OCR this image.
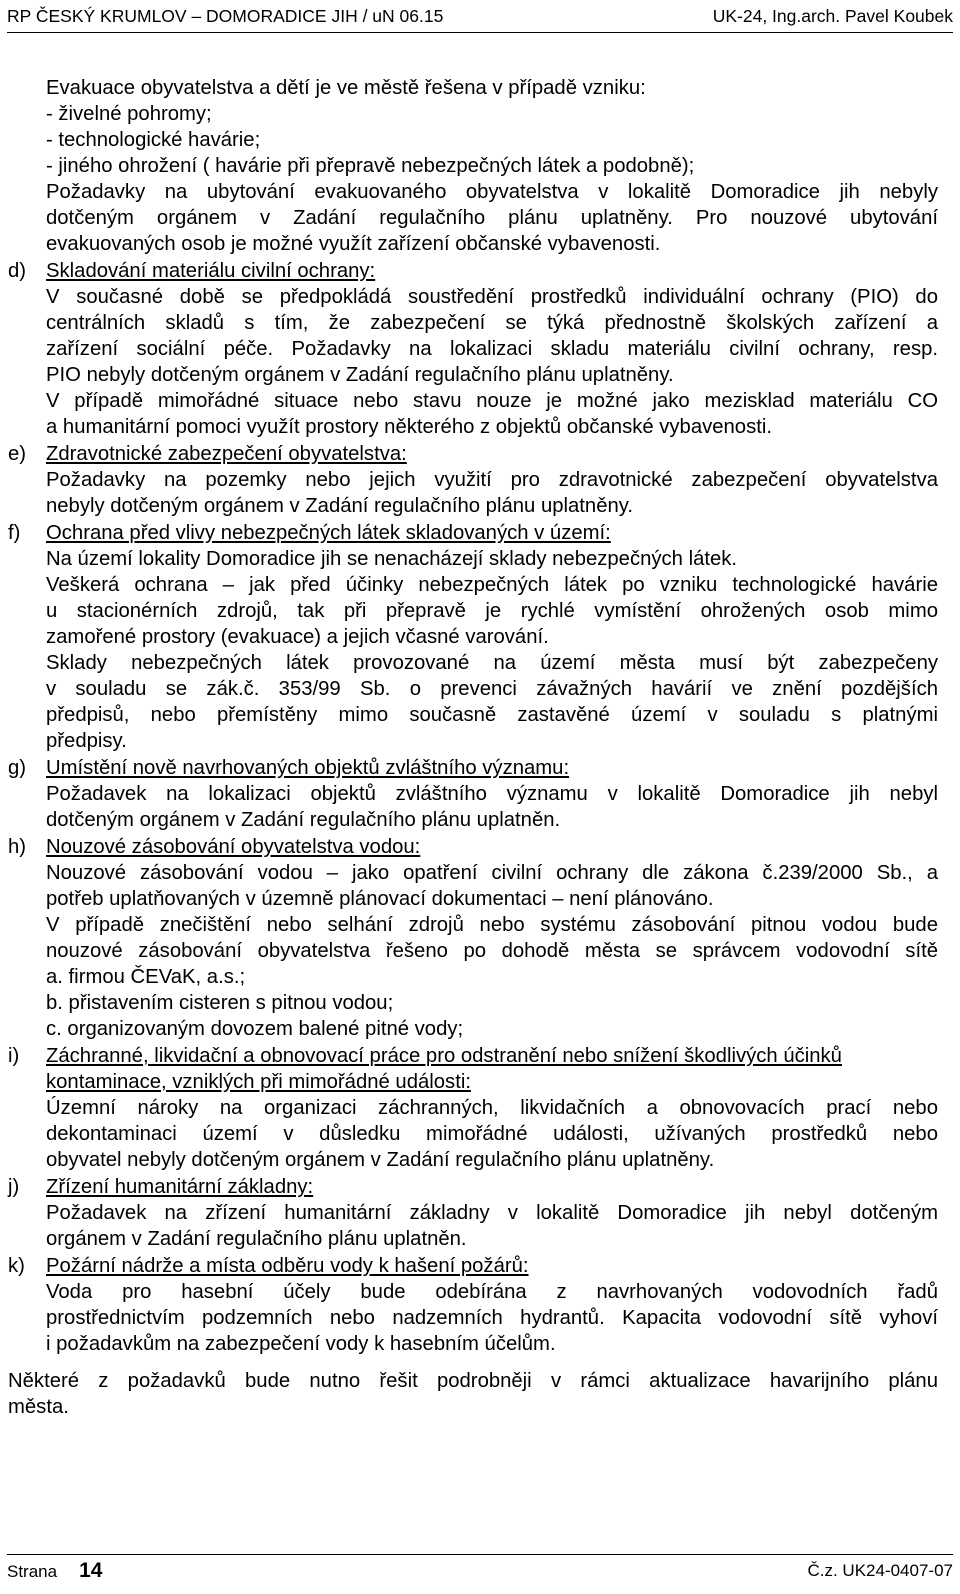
RP ČESKÝ KRUMLOV – DOMORADICE JIH / uN 06.15	UK-24, Ing.arch. Pavel Koubek
Evakuace obyvatelstva a dětí je ve městě řešena v případě vzniku:
- živelné pohromy;
- technologické havárie;
- jiného ohrožení ( havárie při přepravě nebezpečných látek a podobně);
Požadavky na ubytování evakuovaného obyvatelstva v lokalitě Domoradice jih nebyly
dotčeným orgánem v Zadání regulačního plánu uplatněny. Pro nouzové ubytování
evakuovaných osob je možné využít zařízení občanské vybavenosti.
d) Skladování materiálu civilní ochrany:
V současné době se předpokládá soustředění prostředků individuální ochrany (PIO) do
centrálních skladů s tím, že zabezpečení se týká přednostně školských zařízení a
zařízení sociální péče. Požadavky na lokalizaci skladu materiálu civilní ochrany, resp.
PIO nebyly dotčeným orgánem v Zadání regulačního plánu uplatněny.
V případě mimořádné situace nebo stavu nouze je možné jako mezisklad materiálu CO
a humanitární pomoci využít prostory některého z objektů občanské vybavenosti.
e) Zdravotnické zabezpečení obyvatelstva:
Požadavky na pozemky nebo jejich využití pro zdravotnické zabezpečení obyvatelstva
nebyly dotčeným orgánem v Zadání regulačního plánu uplatněny.
f) Ochrana před vlivy nebezpečných látek skladovaných v území:
Na území lokality Domoradice jih se nenacházejí sklady nebezpečných látek.
Veškerá ochrana – jak před účinky nebezpečných látek po vzniku technologické havárie
u stacionérních zdrojů, tak při přepravě je rychlé vymístění ohrožených osob mimo
zamořené prostory (evakuace) a jejich včasné varování.
Sklady nebezpečných látek provozované na území města musí být zabezpečeny
v souladu se zák.č. 353/99 Sb. o prevenci závažných havárií ve znění pozdějších
předpisů, nebo přemístěny mimo současně zastavěné území v souladu s platnými
předpisy.
g) Umístění nově navrhovaných objektů zvláštního významu:
Požadavek na lokalizaci objektů zvláštního významu v lokalitě Domoradice jih nebyl
dotčeným orgánem v Zadání regulačního plánu uplatněn.
h) Nouzové zásobování obyvatelstva vodou:
Nouzové zásobování vodou – jako opatření civilní ochrany dle zákona č.239/2000 Sb., a
potřeb uplatňovaných v územně plánovací dokumentaci – není plánováno.
V případě znečištění nebo selhání zdrojů nebo systému zásobování pitnou vodou bude
nouzové zásobování obyvatelstva řešeno po dohodě města se správcem vodovodní sítě
a. firmou ČEVaK, a.s.;
b. přistavením cisteren s pitnou vodou;
c. organizovaným dovozem balené pitné vody;
i) Záchranné, likvidační a obnovovací práce pro odstranění nebo snížení škodlivých účinků
kontaminace, vzniklých při mimořádné události:
Územní nároky na organizaci záchranných, likvidačních a obnovovacích prací nebo
dekontaminaci území v důsledku mimořádné události, užívaných prostředků nebo
obyvatel nebyly dotčeným orgánem v Zadání regulačního plánu uplatněny.
j) Zřízení humanitární základny:
Požadavek na zřízení humanitární základny v lokalitě Domoradice jih nebyl dotčeným
orgánem v Zadání regulačního plánu uplatněn.
k) Požární nádrže a místa odběru vody k hašení požárů:
Voda pro hasební účely bude odebírána z navrhovaných vodovodních řadů
prostřednictvím podzemních nebo nadzemních hydrantů. Kapacita vodovodní sítě vyhoví
i požadavkům na zabezpečení vody k hasebním účelům.
Některé z požadavků bude nutno řešit podrobněji v rámci aktualizace havarijního plánu
města.
Strana 14	Č.z. UK24-0407-07
